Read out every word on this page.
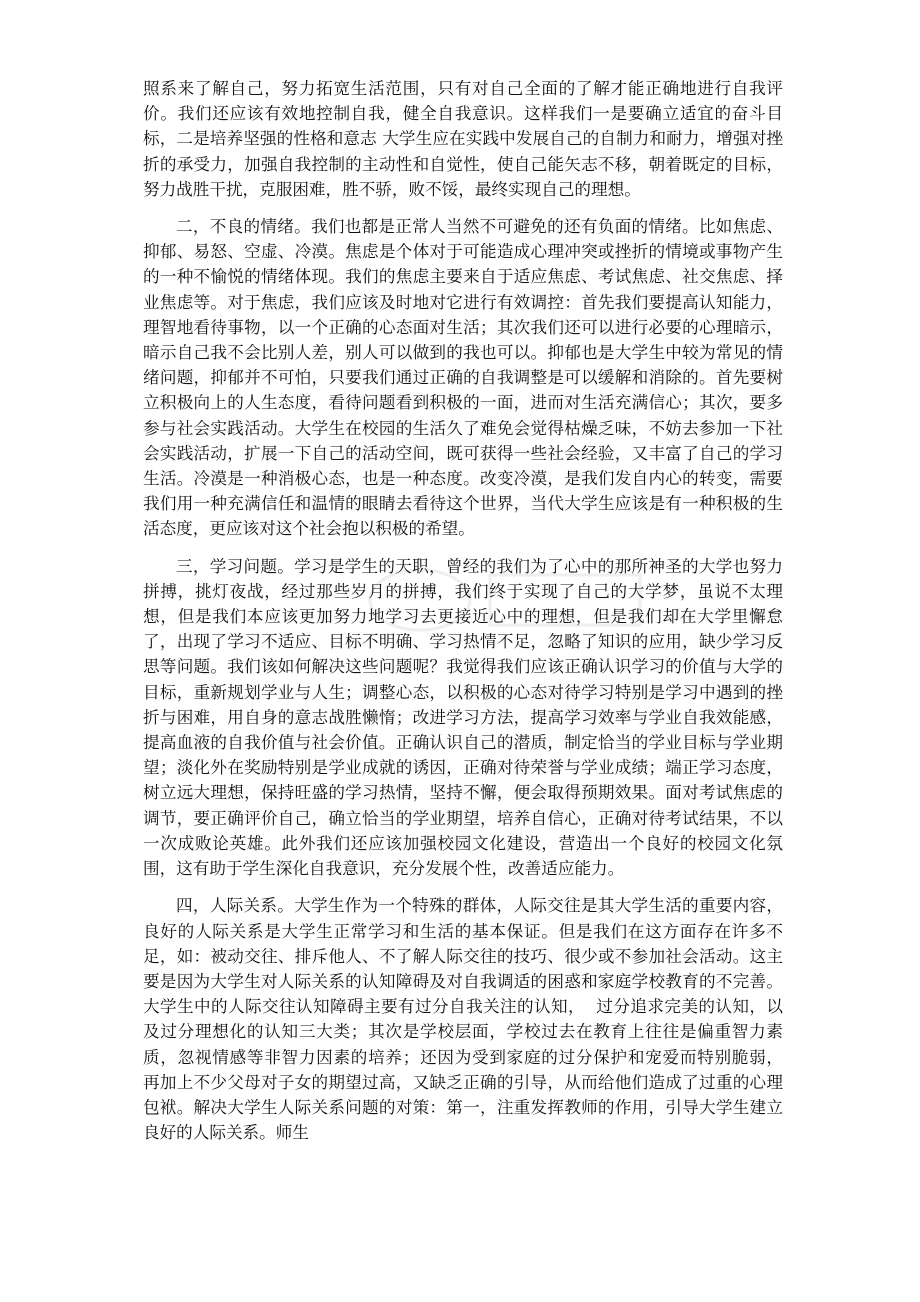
照系来了解自己，努力拓宽生活范围，只有对自己全面的了解才能正确地进行自我评价。我们还应该有效地控制自我，健全自我意识。这样我们一是要确立适宜的奋斗目标，二是培养坚强的性格和意志 大学生应在实践中发展自己的自制力和耐力，增强对挫折的承受力，加强自我控制的主动性和自觉性，使自己能矢志不移，朝着既定的目标，努力战胜干扰，克服困难，胜不骄，败不馁，最终实现自己的理想。

二，不良的情绪。我们也都是正常人当然不可避免的还有负面的情绪。比如焦虑、抑郁、易怒、空虚、冷漠。焦虑是个体对于可能造成心理冲突或挫折的情境或事物产生的一种不愉悦的情绪体现。我们的焦虑主要来自于适应焦虑、考试焦虑、社交焦虑、择业焦虑等。对于焦虑，我们应该及时地对它进行有效调控：首先我们要提高认知能力，理智地看待事物，以一个正确的心态面对生活；其次我们还可以进行必要的心理暗示，暗示自己我不会比别人差，别人可以做到的我也可以。抑郁也是大学生中较为常见的情绪问题，抑郁并不可怕，只要我们通过正确的自我调整是可以缓解和消除的。首先要树立积极向上的人生态度，看待问题看到积极的一面，进而对生活充满信心；其次，要多参与社会实践活动。大学生在校园的生活久了难免会觉得枯燥乏味，不妨去参加一下社会实践活动，扩展一下自己的活动空间，既可获得一些社会经验，又丰富了自己的学习生活。冷漠是一种消极心态，也是一种态度。改变冷漠，是我们发自内心的转变，需要我们用一种充满信任和温情的眼睛去看待这个世界，当代大学生应该是有一种积极的生活态度，更应该对这个社会抱以积极的希望。

三，学习问题。学习是学生的天职，曾经的我们为了心中的那所神圣的大学也努力拼搏，挑灯夜战，经过那些岁月的拼搏，我们终于实现了自己的大学梦，虽说不太理想，但是我们本应该更加努力地学习去更接近心中的理想，但是我们却在大学里懈怠了，出现了学习不适应、目标不明确、学习热情不足，忽略了知识的应用，缺少学习反思等问题。我们该如何解决这些问题呢？我觉得我们应该正确认识学习的价值与大学的目标，重新规划学业与人生；调整心态，以积极的心态对待学习特别是学习中遇到的挫折与困难，用自身的意志战胜懒惰；改进学习方法，提高学习效率与学业自我效能感，提高血液的自我价值与社会价值。正确认识自己的潜质，制定恰当的学业目标与学业期望；淡化外在奖励特别是学业成就的诱因，正确对待荣誉与学业成绩；端正学习态度，树立远大理想，保持旺盛的学习热情，坚持不懈，便会取得预期效果。面对考试焦虑的调节，要正确评价自己，确立恰当的学业期望，培养自信心，正确对待考试结果，不以一次成败论英雄。此外我们还应该加强校园文化建设，营造出一个良好的校园文化氛围，这有助于学生深化自我意识，充分发展个性，改善适应能力。

四，人际关系。大学生作为一个特殊的群体，人际交往是其大学生活的重要内容，  良好的人际关系是大学生正常学习和生活的基本保证。但是我们在这方面存在许多不足，如：被动交往、排斥他人、不了解人际交往的技巧、很少或不参加社会活动。这主要是因为大学生对人际关系的认知障碍及对自我调适的困惑和家庭学校教育的不完善。大学生中的人际交往认知障碍主要有过分自我关注的认知，  过分追求完美的认知，以及过分理想化的认知三大类；其次是学校层面，学校过去在教育上往往是偏重智力素质，忽视情感等非智力因素的培养；还因为受到家庭的过分保护和宠爱而特别脆弱，  再加上不少父母对子女的期望过高，又缺乏正确的引导，从而给他们造成了过重的心理包袱。解决大学生人际关系问题的对策：第一，注重发挥教师的作用，引导大学生建立良好的人际关系。师生
